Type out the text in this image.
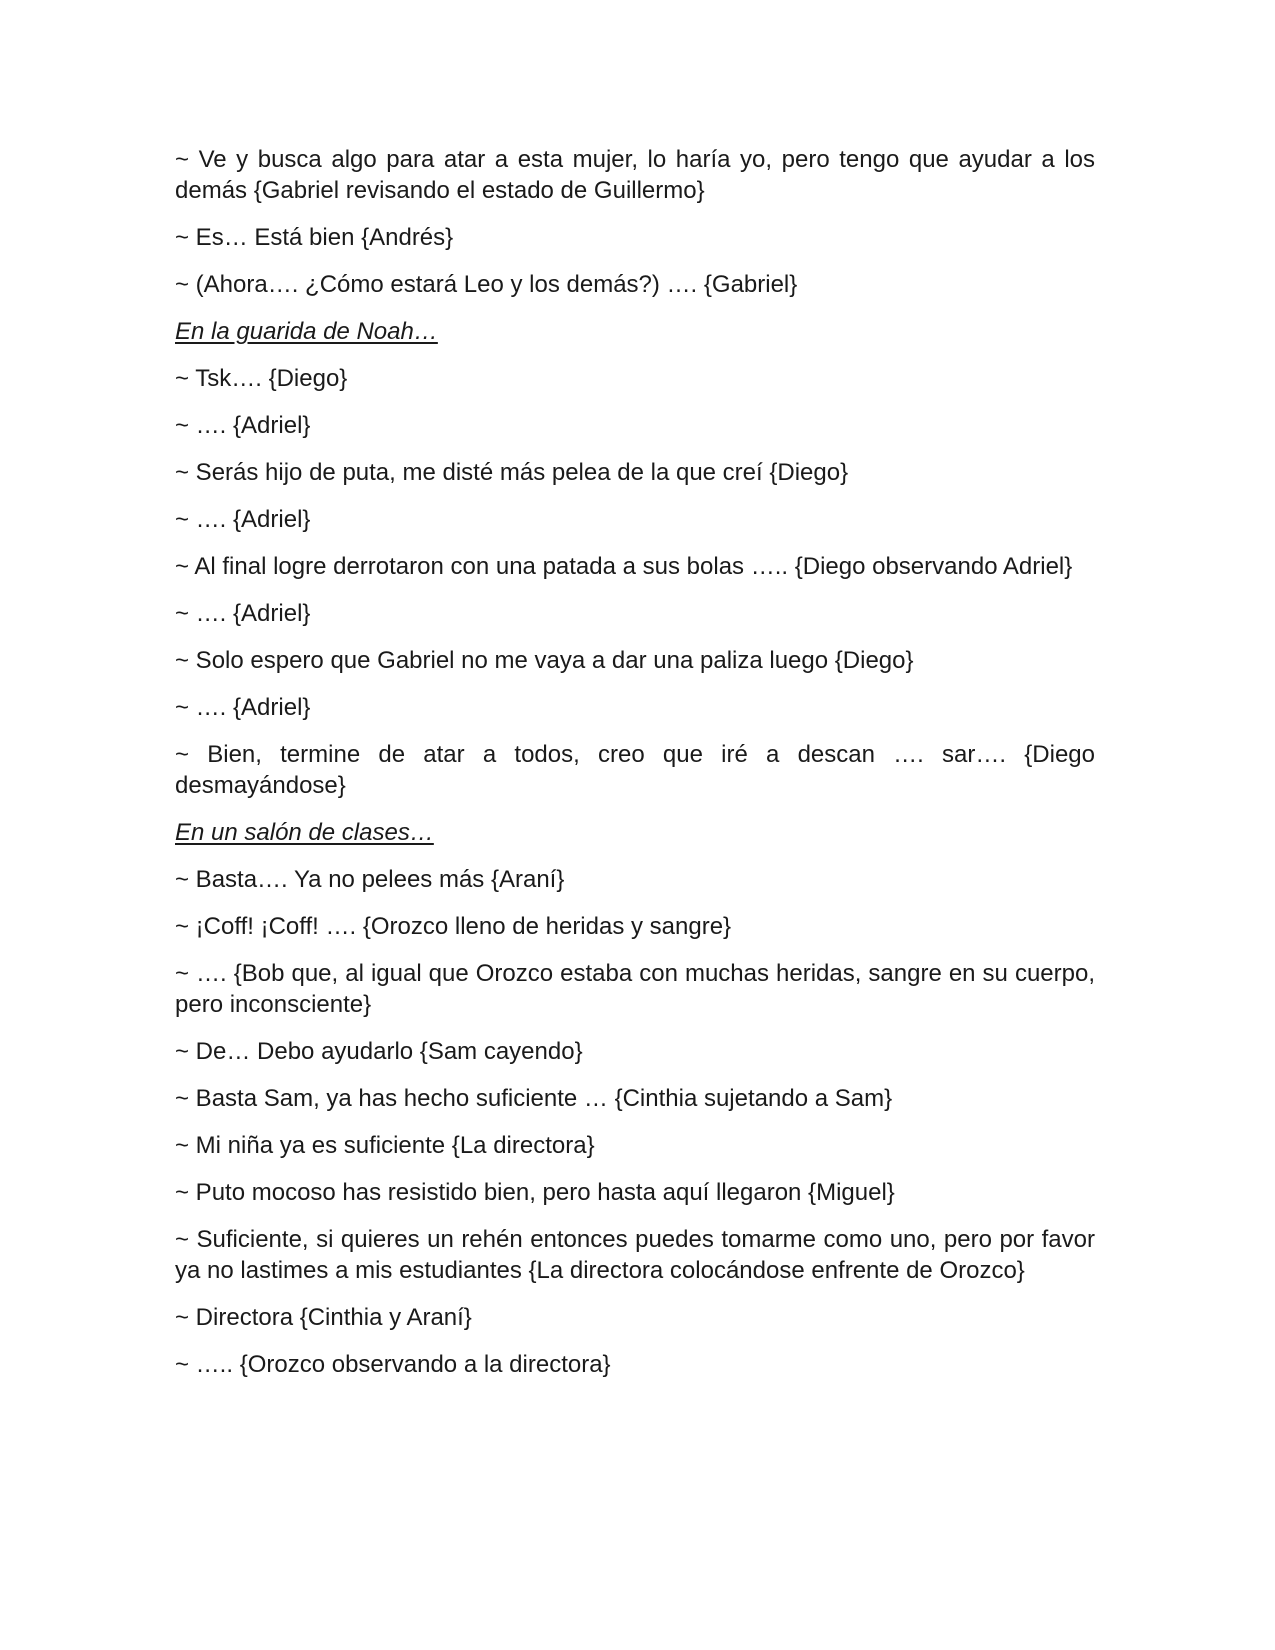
~ Ve y busca algo para atar a esta mujer, lo haría yo, pero tengo que ayudar a los demás {Gabriel revisando el estado de Guillermo}

~ Es… Está bien {Andrés}

~ (Ahora…. ¿Cómo estará Leo y los demás?) …. {Gabriel}

En la guarida de Noah…

~ Tsk…. {Diego}

~ …. {Adriel}

~ Serás hijo de puta, me disté más pelea de la que creí {Diego}

~ …. {Adriel}

~ Al final logre derrotaron con una patada a sus bolas ….. {Diego observando Adriel}

~ …. {Adriel}

~ Solo espero que Gabriel no me vaya a dar una paliza luego {Diego}

~ …. {Adriel}

~ Bien, termine de atar a todos, creo que iré a descan …. sar…. {Diego desmayándose}

En un salón de clases…

~ Basta…. Ya no pelees más {Araní}

~ ¡Coff! ¡Coff! …. {Orozco lleno de heridas y sangre}

~ …. {Bob que, al igual que Orozco estaba con muchas heridas, sangre en su cuerpo, pero inconsciente}

~ De… Debo ayudarlo {Sam cayendo}

~ Basta Sam, ya has hecho suficiente … {Cinthia sujetando a Sam}

~ Mi niña ya es suficiente {La directora}

~ Puto mocoso has resistido bien, pero hasta aquí llegaron {Miguel}

~ Suficiente, si quieres un rehén entonces puedes tomarme como uno, pero por favor ya no lastimes a mis estudiantes {La directora colocándose enfrente de Orozco}

~ Directora {Cinthia y Araní}

~ ….. {Orozco observando a la directora}
